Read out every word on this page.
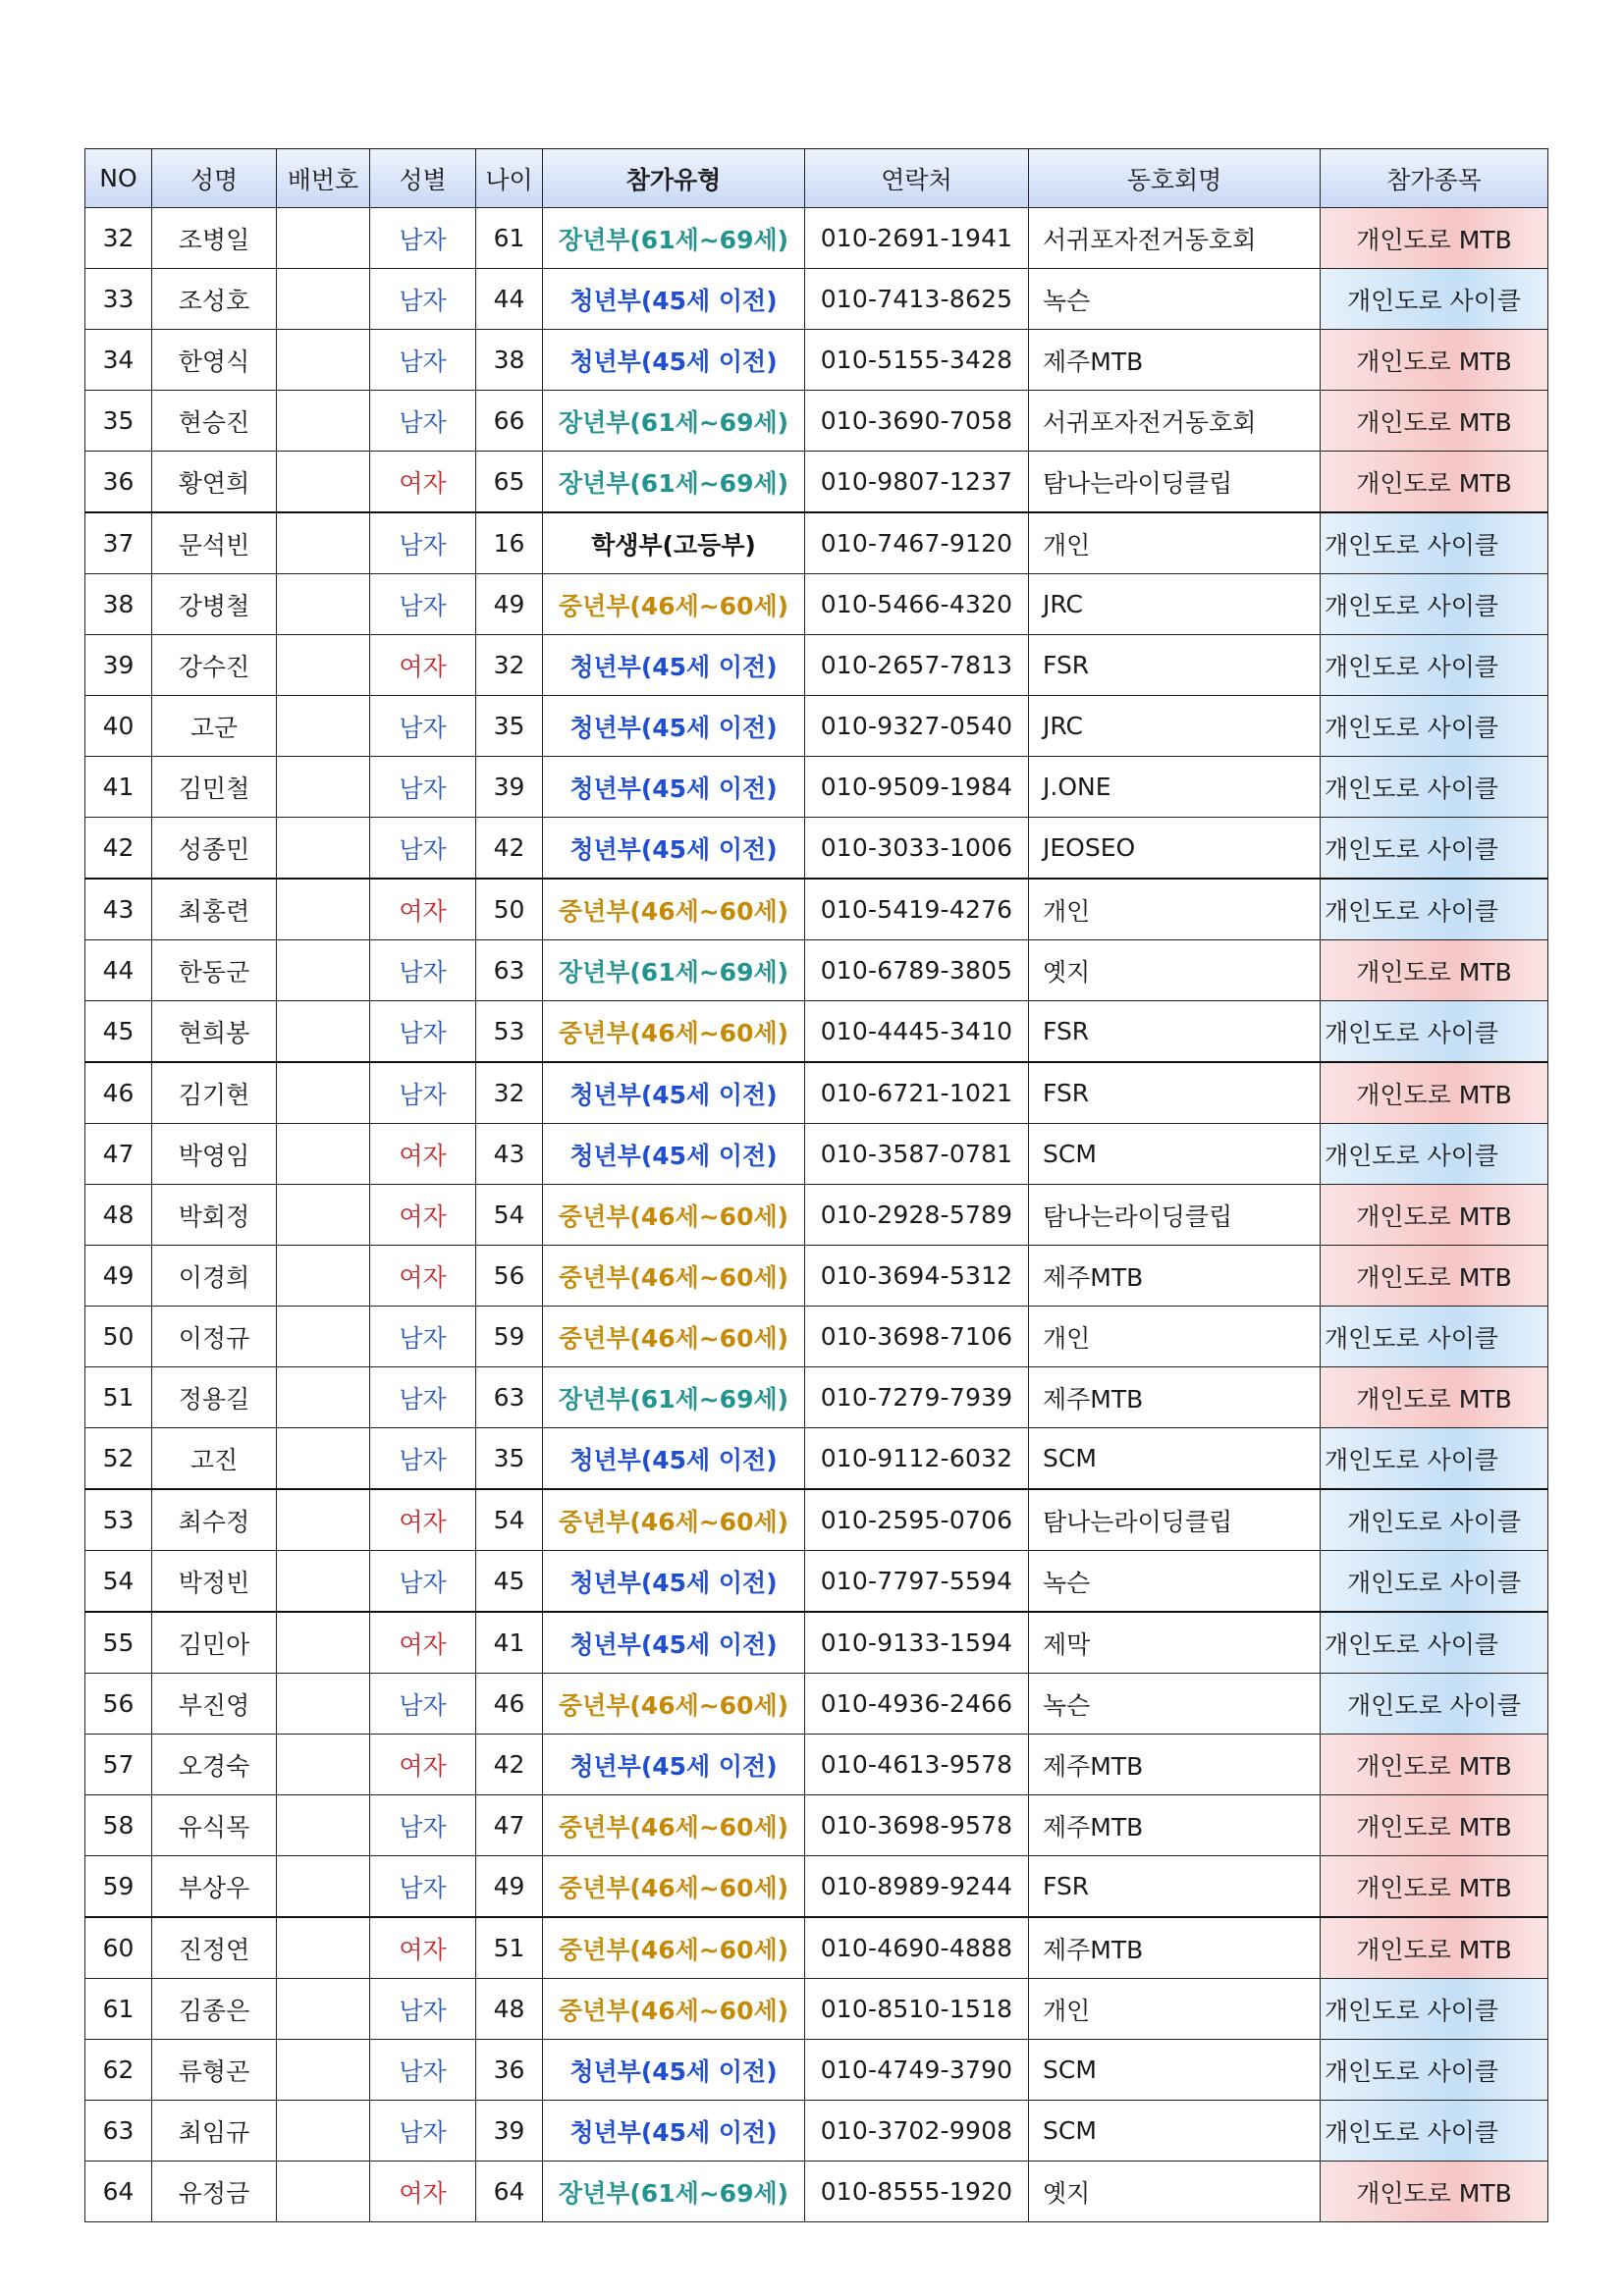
NO	성명	배번호	성별	나이	참가유형	연락처	동호회명	참가종목
32	조병일		남자	61	장년부(61세~69세)	010-2691-1941	서귀포자전거동호회	개인도로 MTB
33	조성호		남자	44	청년부(45세 이전)	010-7413-8625	녹슨	개인도로 사이클
34	한영식		남자	38	청년부(45세 이전)	010-5155-3428	제주MTB	개인도로 MTB
35	현승진		남자	66	장년부(61세~69세)	010-3690-7058	서귀포자전거동호회	개인도로 MTB
36	황연희		여자	65	장년부(61세~69세)	010-9807-1237	탐나는라이딩클립	개인도로 MTB
37	문석빈		남자	16	학생부(고등부)	010-7467-9120	개인	개인도로 사이클
38	강병철		남자	49	중년부(46세~60세)	010-5466-4320	JRC	개인도로 사이클
39	강수진		여자	32	청년부(45세 이전)	010-2657-7813	FSR	개인도로 사이클
40	고군		남자	35	청년부(45세 이전)	010-9327-0540	JRC	개인도로 사이클
41	김민철		남자	39	청년부(45세 이전)	010-9509-1984	J.ONE	개인도로 사이클
42	성종민		남자	42	청년부(45세 이전)	010-3033-1006	JEOSEO	개인도로 사이클
43	최홍련		여자	50	중년부(46세~60세)	010-5419-4276	개인	개인도로 사이클
44	한동군		남자	63	장년부(61세~69세)	010-6789-3805	옛지	개인도로 MTB
45	현희봉		남자	53	중년부(46세~60세)	010-4445-3410	FSR	개인도로 사이클
46	김기현		남자	32	청년부(45세 이전)	010-6721-1021	FSR	개인도로 MTB
47	박영임		여자	43	청년부(45세 이전)	010-3587-0781	SCM	개인도로 사이클
48	박회정		여자	54	중년부(46세~60세)	010-2928-5789	탐나는라이딩클립	개인도로 MTB
49	이경희		여자	56	중년부(46세~60세)	010-3694-5312	제주MTB	개인도로 MTB
50	이정규		남자	59	중년부(46세~60세)	010-3698-7106	개인	개인도로 사이클
51	정용길		남자	63	장년부(61세~69세)	010-7279-7939	제주MTB	개인도로 MTB
52	고진		남자	35	청년부(45세 이전)	010-9112-6032	SCM	개인도로 사이클
53	최수정		여자	54	중년부(46세~60세)	010-2595-0706	탐나는라이딩클립	개인도로 사이클
54	박정빈		남자	45	청년부(45세 이전)	010-7797-5594	녹슨	개인도로 사이클
55	김민아		여자	41	청년부(45세 이전)	010-9133-1594	제막	개인도로 사이클
56	부진영		남자	46	중년부(46세~60세)	010-4936-2466	녹슨	개인도로 사이클
57	오경숙		여자	42	청년부(45세 이전)	010-4613-9578	제주MTB	개인도로 MTB
58	유식목		남자	47	중년부(46세~60세)	010-3698-9578	제주MTB	개인도로 MTB
59	부상우		남자	49	중년부(46세~60세)	010-8989-9244	FSR	개인도로 MTB
60	진정연		여자	51	중년부(46세~60세)	010-4690-4888	제주MTB	개인도로 MTB
61	김종은		남자	48	중년부(46세~60세)	010-8510-1518	개인	개인도로 사이클
62	류형곤		남자	36	청년부(45세 이전)	010-4749-3790	SCM	개인도로 사이클
63	최임규		남자	39	청년부(45세 이전)	010-3702-9908	SCM	개인도로 사이클
64	유정금		여자	64	장년부(61세~69세)	010-8555-1920	옛지	개인도로 MTB
